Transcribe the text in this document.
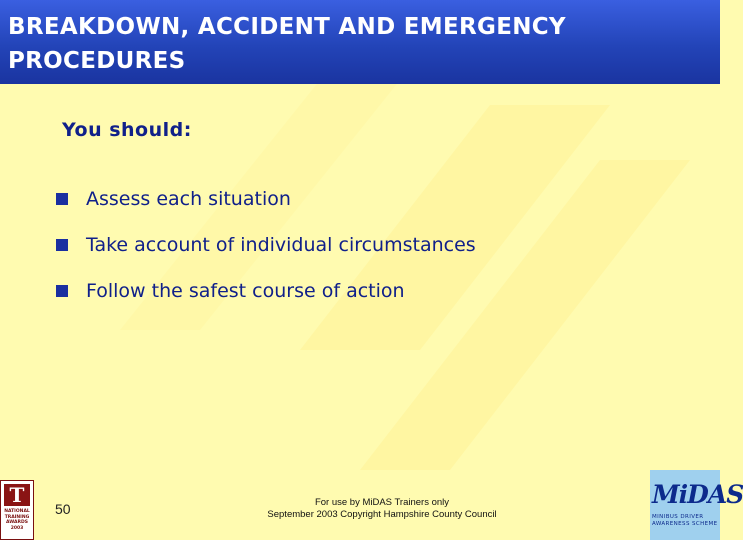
BREAKDOWN, ACCIDENT AND EMERGENCY PROCEDURES
You should:
Assess each situation
Take account of individual circumstances
Follow the safest course of action
T
NATIONAL TRAINING AWARDS 2003
50	For use by MiDAS Trainers only
September 2003 Copyright Hampshire County Council
MiDAS
MINIBUS DRIVER
AWARENESS SCHEME
